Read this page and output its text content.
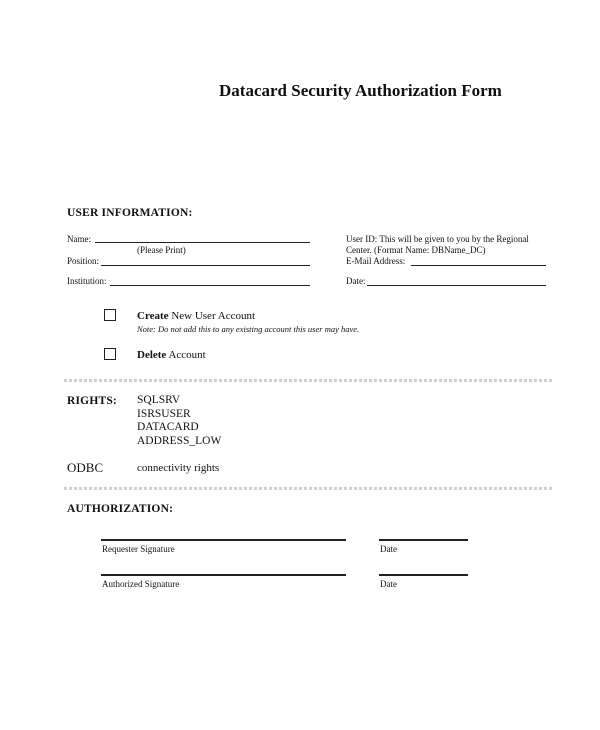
Datacard Security Authorization Form
USER INFORMATION:
Name:
(Please Print)
Position:
Institution:
User ID: This will be given to you by the Regional
Center. (Format Name: DBName_DC)
E-Mail Address:
Date:
Create New User Account
Note: Do not add this to any existing account this user may have.
Delete Account
RIGHTS: SQLSRV
ISRSUSER
DATACARD
ADDRESS_LOW
ODBC	connectivity rights
AUTHORIZATION:
Requester Signature	Date
Authorized Signature	Date
